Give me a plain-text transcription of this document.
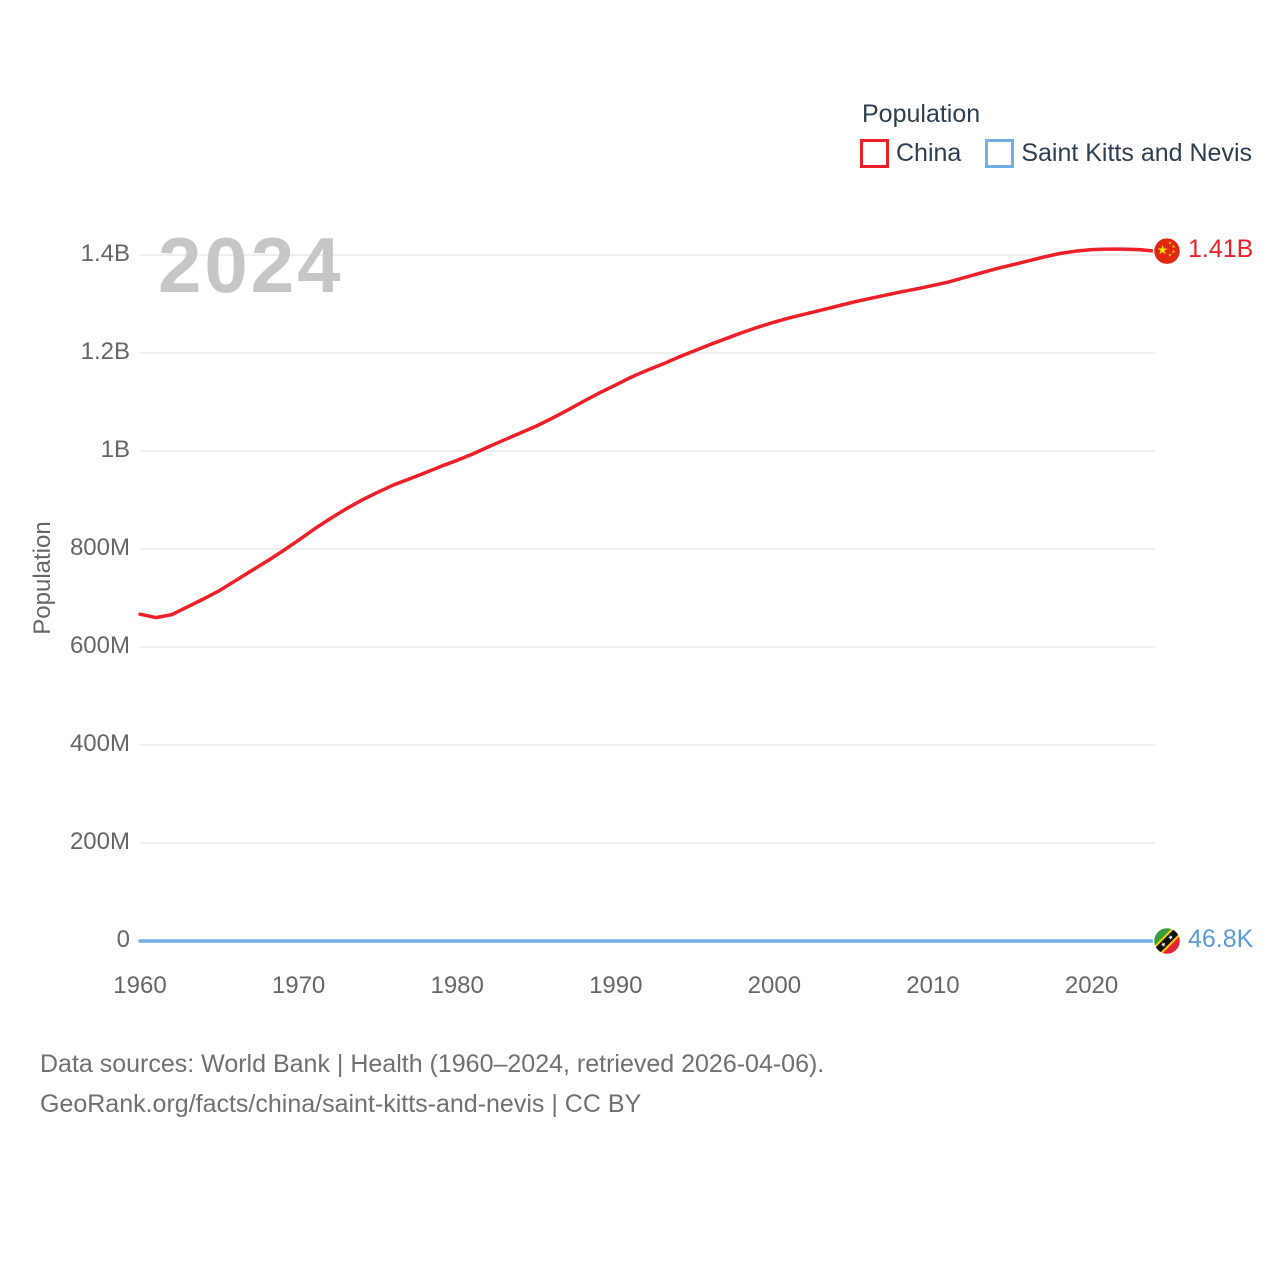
Population
China Saint Kitts and Nevis
2024
Population
0
200M
400M
600M
800M
1B
1.2B
1.4B
1960	1970	1980	1990	2000	2010	2020
1.41B
46.8K
Data sources: World Bank | Health (1960–2024, retrieved 2026-04-06).
GeoRank.org/facts/china/saint-kitts-and-nevis | CC BY
